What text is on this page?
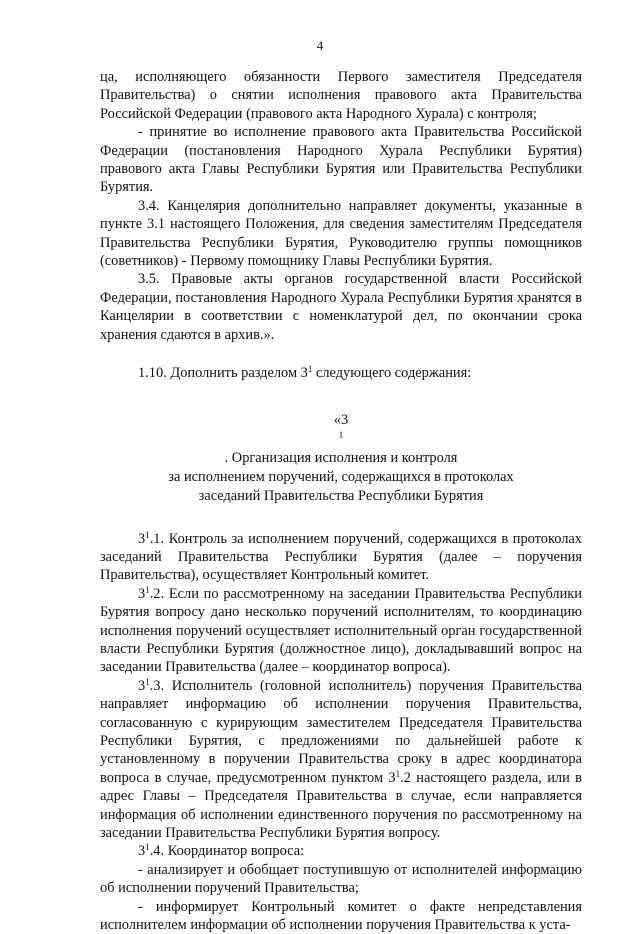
4

ца, исполняющего обязанности Первого заместителя Председателя Правительства) о снятии исполнения правового акта Правительства Российской Федерации (правового акта Народного Хурала) с контроля;

- принятие во исполнение правового акта Правительства Российской Федерации (постановления Народного Хурала Республики Бурятия) правового акта Главы Республики Бурятия или Правительства Республики Бурятия.

3.4. Канцелярия дополнительно направляет документы, указанные в пункте 3.1 настоящего Положения, для сведения заместителям Председателя Правительства Республики Бурятия, Руководителю группы помощников (советников) - Первому помощнику Главы Республики Бурятия.

3.5. Правовые акты органов государственной власти Российской Федерации, постановления Народного Хурала Республики Бурятия хранятся в Канцелярии в соответствии с номенклатурой дел, по окончании срока хранения сдаются в архив.».

1.10. Дополнить разделом $3^1$ следующего содержания:

«3
$^1$
. Организация исполнения и контроля
за исполнением поручений, содержащихся в протоколах
заседаний Правительства Республики Бурятия

$3^1.1$. Контроль за исполнением поручений, содержащихся в протоколах заседаний Правительства Республики Бурятия (далее – поручения Правительства), осуществляет Контрольный комитет.

$3^1.2$. Если по рассмотренному на заседании Правительства Республики Бурятия вопросу дано несколько поручений исполнителям, то координацию исполнения поручений осуществляет исполнительный орган государственной власти Республики Бурятия (должностное лицо), докладывавший вопрос на заседании Правительства (далее – координатор вопроса).

$3^1.3$. Исполнитель (головной исполнитель) поручения Правительства направляет информацию об исполнении поручения Правительства, согласованную с курирующим заместителем Председателя Правительства Республики Бурятия, с предложениями по дальнейшей работе к установленному в поручении Правительства сроку в адрес координатора вопроса в случае, предусмотренном пунктом $3^1.2$ настоящего раздела, или в адрес Главы – Председателя Правительства в случае, если направляется информация об исполнении единственного поручения по рассмотренному на заседании Правительства Республики Бурятия вопросу.

$3^1.4$. Координатор вопроса:

- анализирует и обобщает поступившую от исполнителей информацию об исполнении поручений Правительства;

- информирует Контрольный комитет о факте непредставления исполнителем информации об исполнении поручения Правительства к уста-
